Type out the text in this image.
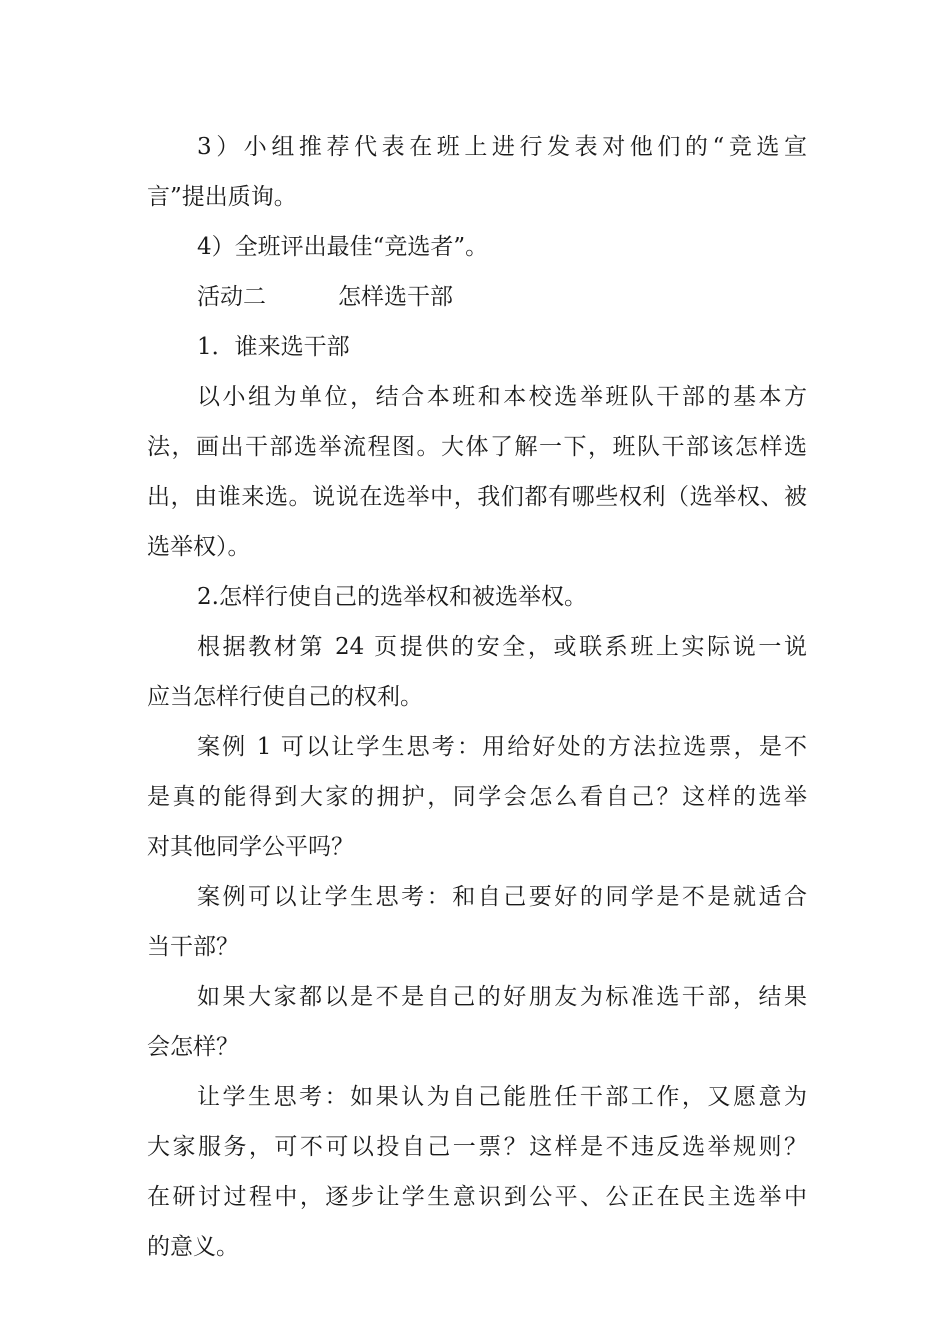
3）小组推荐代表在班上进行发表对他们的“竞选宣
言”提出质询。
4）全班评出最佳“竞选者”。
活动二	怎样选干部
1．谁来选干部
以小组为单位，结合本班和本校选举班队干部的基本方
法，画出干部选举流程图。大体了解一下，班队干部该怎样选
出，由谁来选。说说在选举中，我们都有哪些权利（选举权、被
选举权）。
2.怎样行使自己的选举权和被选举权。
根据教材第 24 页提供的安全，或联系班上实际说一说
应当怎样行使自己的权利。
案例 1 可以让学生思考：用给好处的方法拉选票，是不
是真的能得到大家的拥护，同学会怎么看自己？这样的选举
对其他同学公平吗？
案例可以让学生思考：和自己要好的同学是不是就适合
当干部？
如果大家都以是不是自己的好朋友为标准选干部，结果
会怎样？
让学生思考：如果认为自己能胜任干部工作，又愿意为
大家服务，可不可以投自己一票？这样是不违反选举规则？
在研讨过程中，逐步让学生意识到公平、公正在民主选举中
的意义。
